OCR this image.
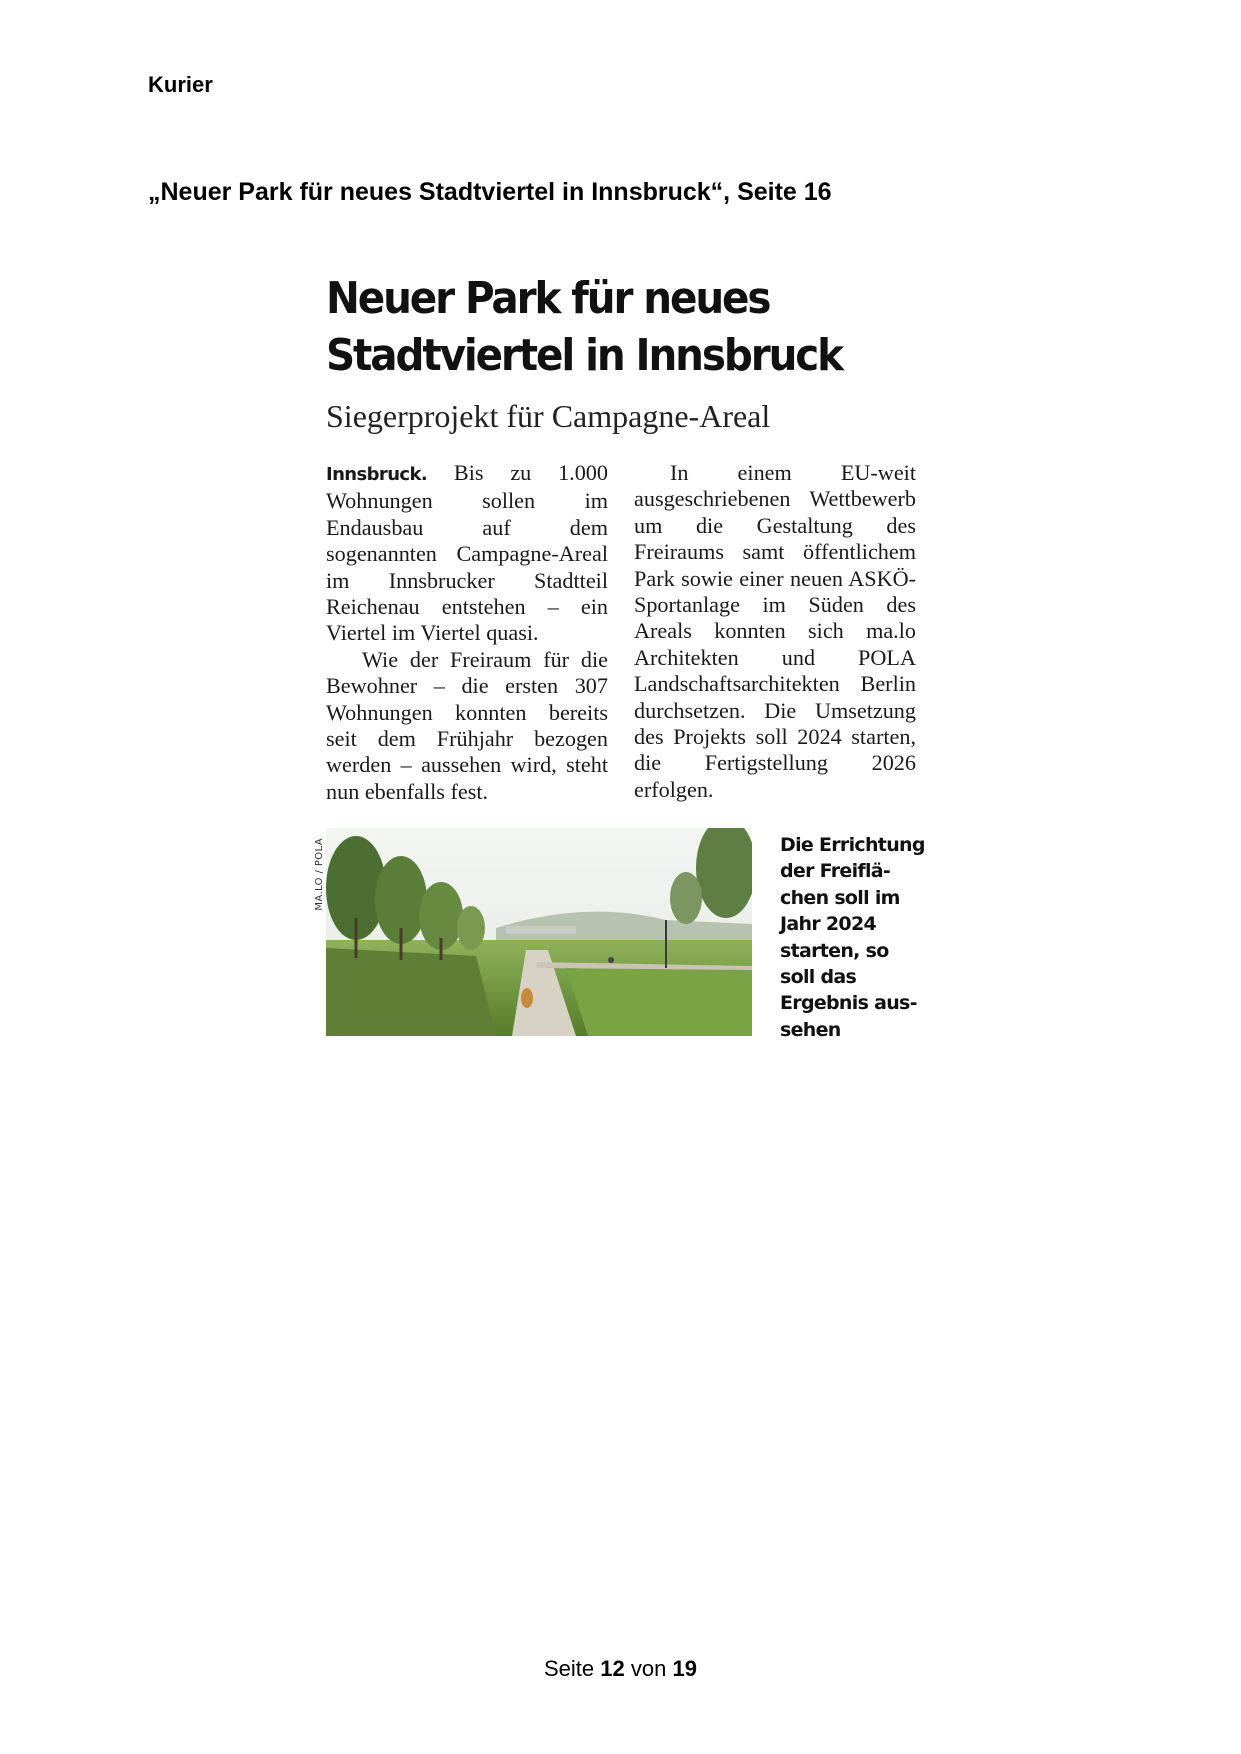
Kurier
„Neuer Park für neues Stadtviertel in Innsbruck“, Seite 16
Neuer Park für neues
Stadtviertel in Innsbruck
Siegerprojekt für Campagne-Areal

Innsbruck. Bis zu 1.000 Wohnungen sollen im Endausbau auf dem sogenannten Campagne-Areal im Innsbrucker Stadtteil Reichenau entstehen – ein Viertel im Viertel quasi.

Wie der Freiraum für die Bewohner – die ersten 307 Wohnungen konnten bereits seit dem Frühjahr bezogen werden – aussehen wird, steht nun ebenfalls fest.

In einem EU-weit ausgeschriebenen Wettbewerb um die Gestaltung des Freiraums samt öffentlichem Park sowie einer neuen ASKÖ-Sportanlage im Süden des Areals konnten sich ma.lo Architekten und POLA Landschaftsarchitekten Berlin durchsetzen. Die Umsetzung des Projekts soll 2024 starten, die Fertigstellung 2026 erfolgen.

MA.LO / POLA	Die Errichtung
der Freiflä-
chen soll im
Jahr 2024
starten, so
soll das
Ergebnis aus-
sehen
Seite 12 von 19
